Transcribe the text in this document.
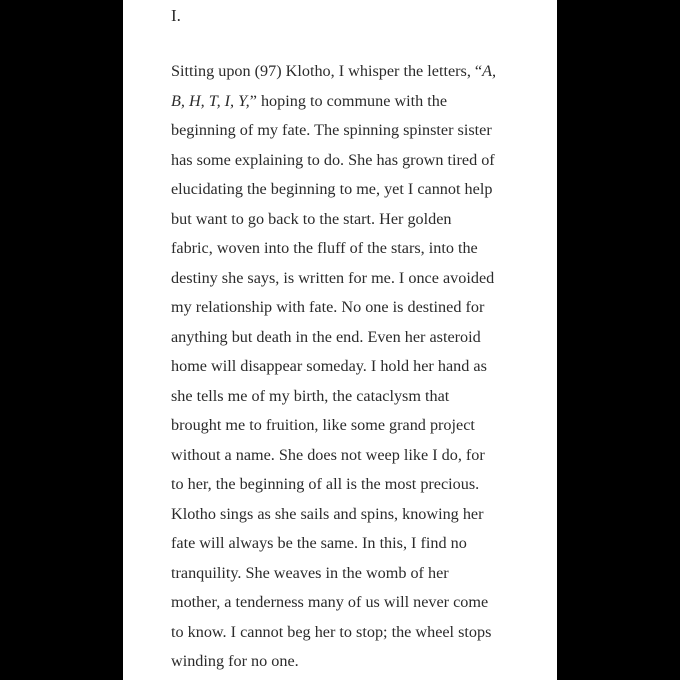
I.

Sitting upon (97) Klotho, I whisper the letters, “A,
B, H, T, I, Y,” hoping to commune with the
beginning of my fate. The spinning spinster sister
has some explaining to do. She has grown tired of
elucidating the beginning to me, yet I cannot help
but want to go back to the start. Her golden
fabric, woven into the fluff of the stars, into the
destiny she says, is written for me. I once avoided
my relationship with fate. No one is destined for
anything but death in the end. Even her asteroid
home will disappear someday. I hold her hand as
she tells me of my birth, the cataclysm that
brought me to fruition, like some grand project
without a name. She does not weep like I do, for
to her, the beginning of all is the most precious.
Klotho sings as she sails and spins, knowing her
fate will always be the same. In this, I find no
tranquility. She weaves in the womb of her
mother, a tenderness many of us will never come
to know. I cannot beg her to stop; the wheel stops
winding for no one.
